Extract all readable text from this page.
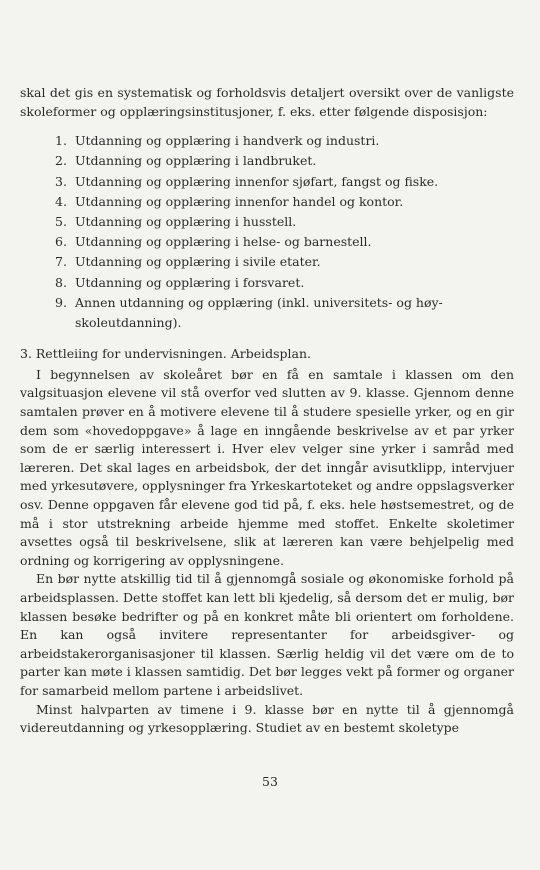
skal det gis en systematisk og forholdsvis detaljert oversikt over de vanligste skoleformer og opplæringsinstitusjoner, f. eks. etter følgende disposisjon:

1. Utdanning og opplæring i handverk og industri.
2. Utdanning og opplæring i landbruket.
3. Utdanning og opplæring innenfor sjøfart, fangst og fiske.
4. Utdanning og opplæring innenfor handel og kontor.
5. Utdanning og opplæring i husstell.
6. Utdanning og opplæring i helse- og barnestell.
7. Utdanning og opplæring i sivile etater.
8. Utdanning og opplæring i forsvaret.
9. Annen utdanning og opplæring (inkl. universitets- og høy-
skoleutdanning).
3. Rettleiing for undervisningen. Arbeidsplan.

I begynnelsen av skoleåret bør en få en samtale i klassen om den valgsituasjon elevene vil stå overfor ved slutten av 9. klasse. Gjennom denne samtalen prøver en å motivere elevene til å studere spesielle yrker, og en gir dem som «hovedoppgave» å lage en inngående beskrivelse av et par yrker som de er særlig interessert i. Hver elev velger sine yrker i samråd med læreren. Det skal lages en arbeidsbok, der det inngår avisutklipp, intervjuer med yrkesutøvere, opplysninger fra Yrkeskartoteket og andre oppslagsverker osv. Denne oppgaven får elevene god tid på, f. eks. hele høstsemestret, og de må i stor utstrekning arbeide hjemme med stoffet. Enkelte skoletimer avsettes også til beskrivelsene, slik at læreren kan være behjelpelig med ordning og korrigering av opplysningene.

En bør nytte atskillig tid til å gjennomgå sosiale og økonomiske forhold på arbeidsplassen. Dette stoffet kan lett bli kjedelig, så dersom det er mulig, bør klassen besøke bedrifter og på en konkret måte bli orientert om forholdene. En kan også invitere representanter for arbeidsgiver- og arbeidstakerorganisasjoner til klassen. Særlig heldig vil det være om de to parter kan møte i klassen samtidig. Det bør legges vekt på former og organer for samarbeid mellom partene i arbeidslivet.

Minst halvparten av timene i 9. klasse bør en nytte til å gjennomgå videreutdanning og yrkesopplæring. Studiet av en bestemt skoletype

53
